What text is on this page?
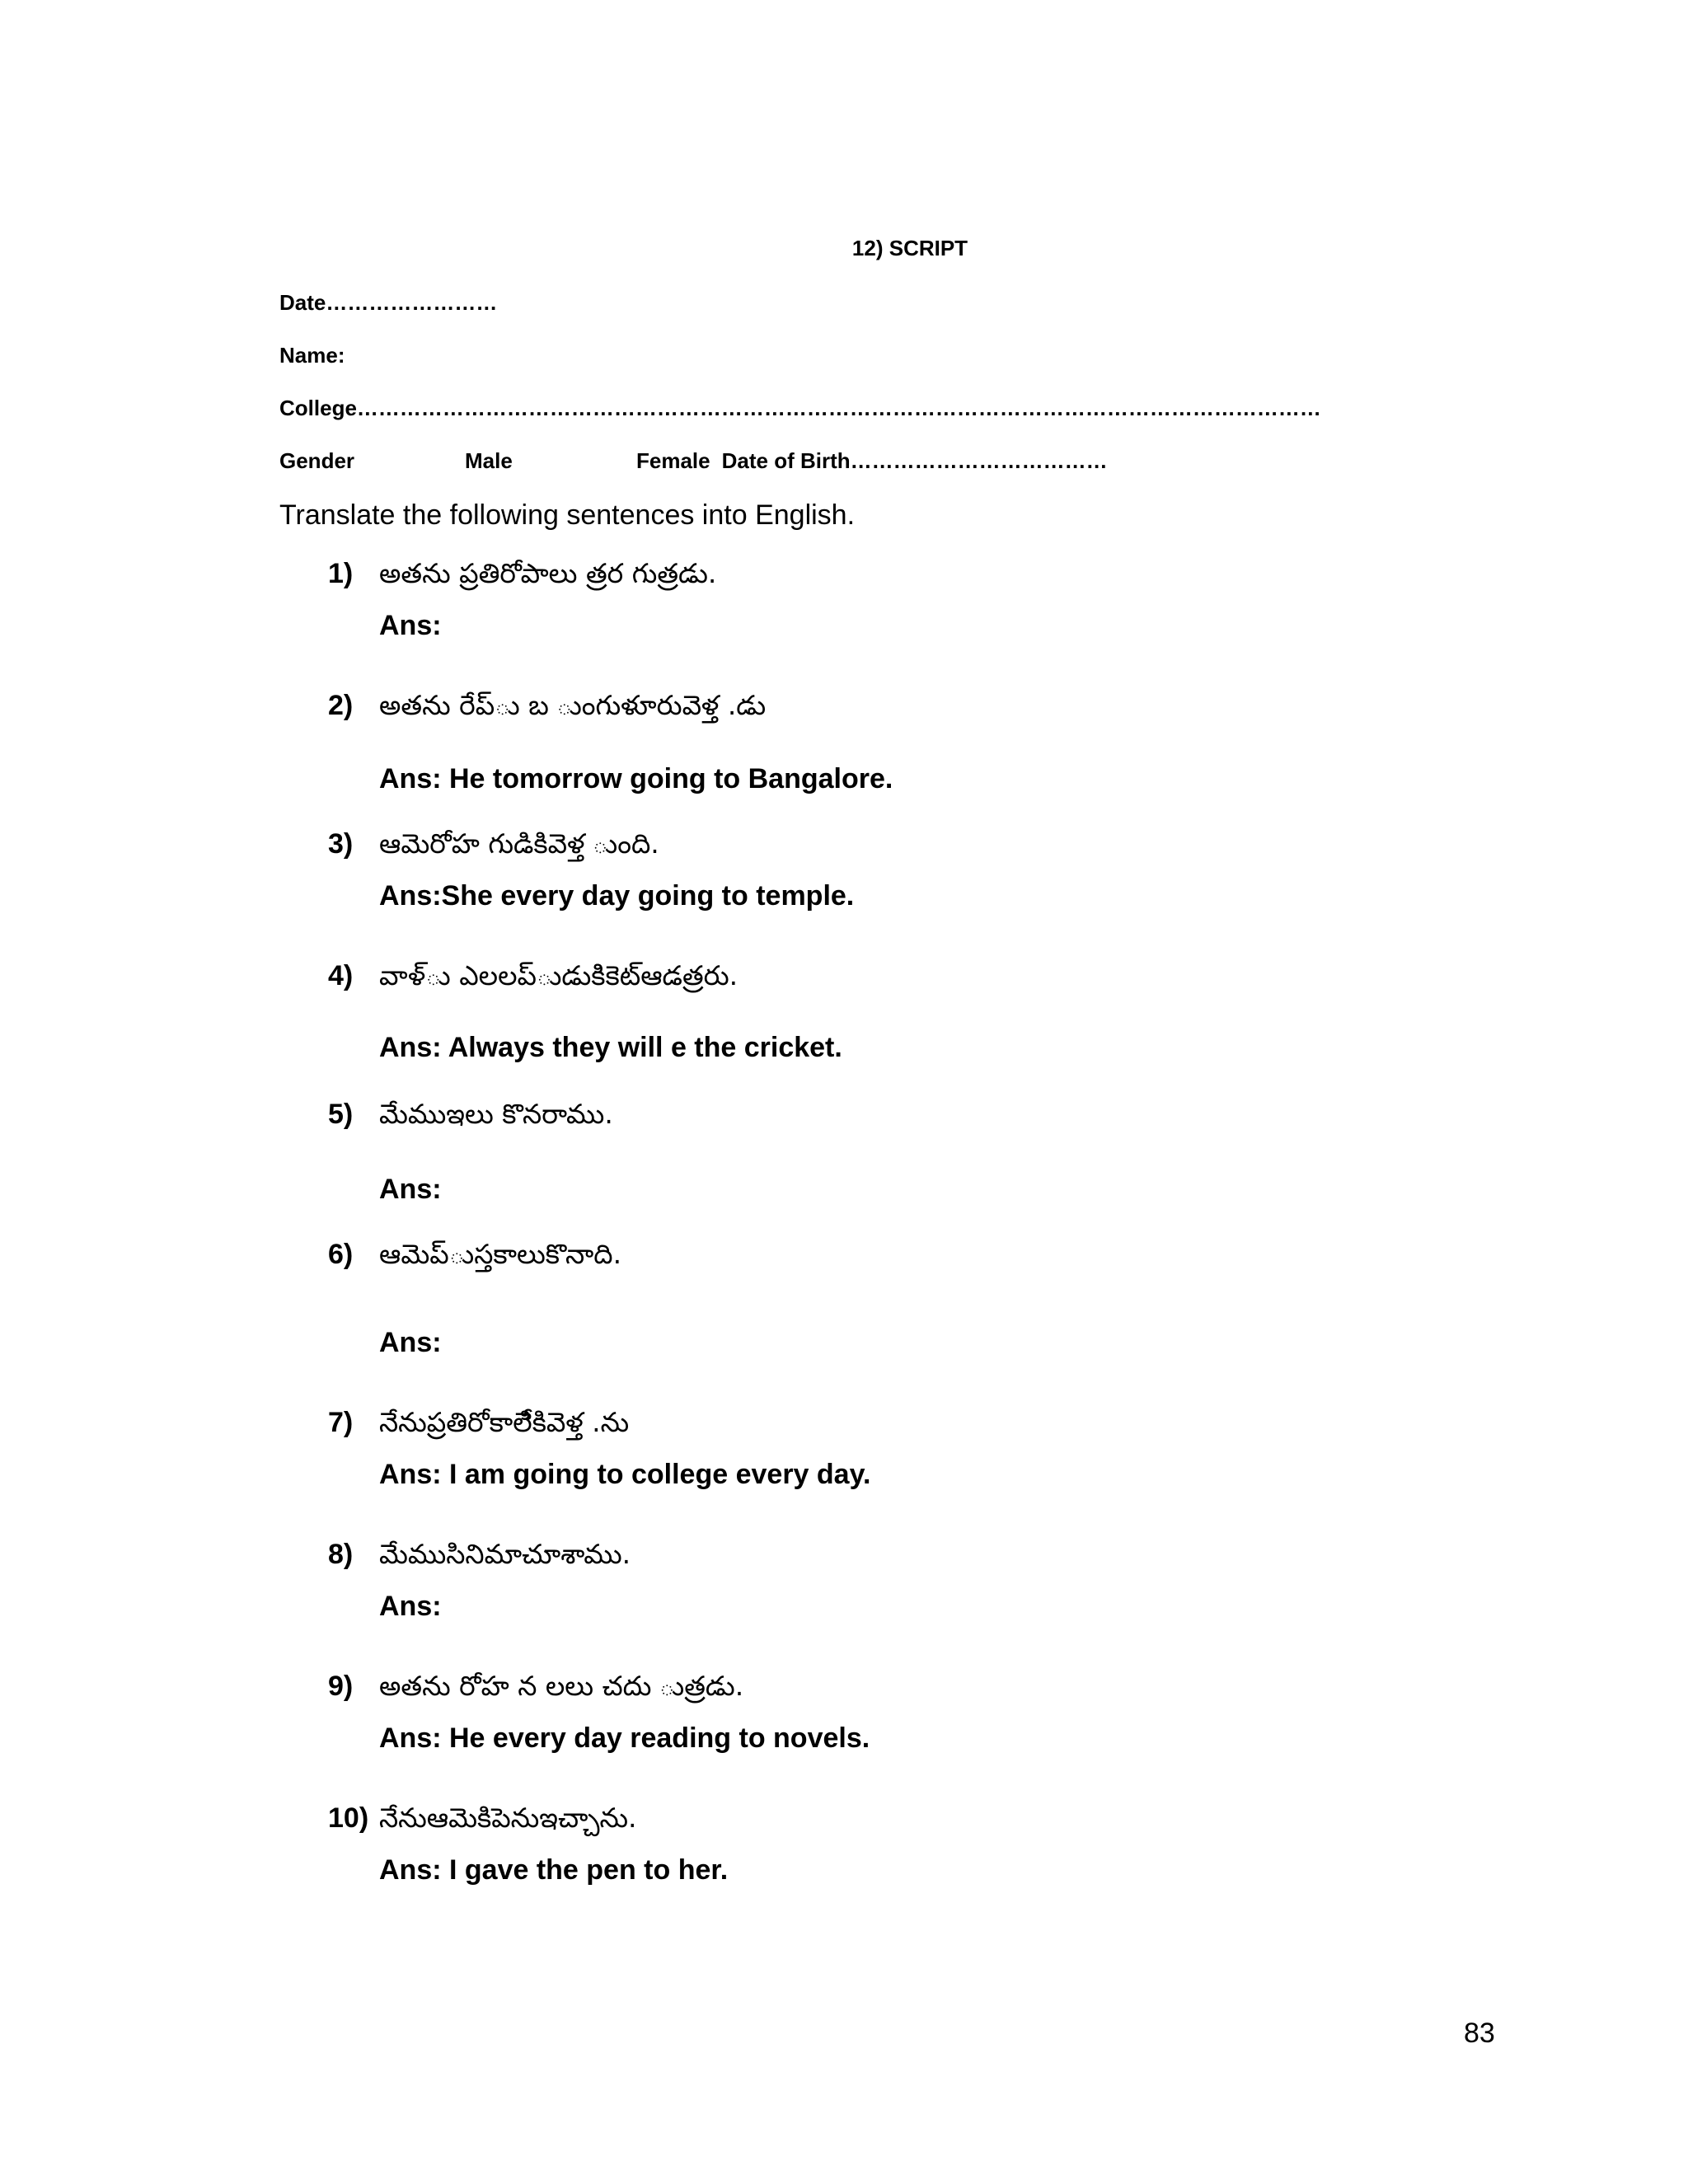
12) SCRIPT
Date……………………
Name:
College………………………………………………………………………………………………………………………
Gender	Male	Female Date of Birth………………………………
Translate the following sentences into English.
1) అతను ప్రతిరోపాలు త్రర గుత్రడు.
Ans:
2) అతను రేప్ు బ ుంగుళూరువెళ్త .డు
Ans: He tomorrow going to Bangalore.
3) ఆమెరోహ గుడికివెళ్త ుంది.
Ans:She every day going to temple.
4) వాళ్ు ఎలలప్ుడుకిికెట్ఆడత్రరు.
Ans: Always they will e the cricket.
5) మేముఇలు కొనరాము.
Ans:
6) ఆమెప్ుస్తకాలుకొనాది.
Ans:
7) నేనుప్రతిరోకాలేికివెళ్త .ను
Ans: I am going to college every day.
8) మేముసినిమాచూశాము.
Ans:
9) అతను రోహ న లలు చదు ుత్రడు.
Ans: He every day reading to novels.
10) నేనుఆమెకిపెనుఇచ్చాను.
Ans: I gave the pen to her.
83
